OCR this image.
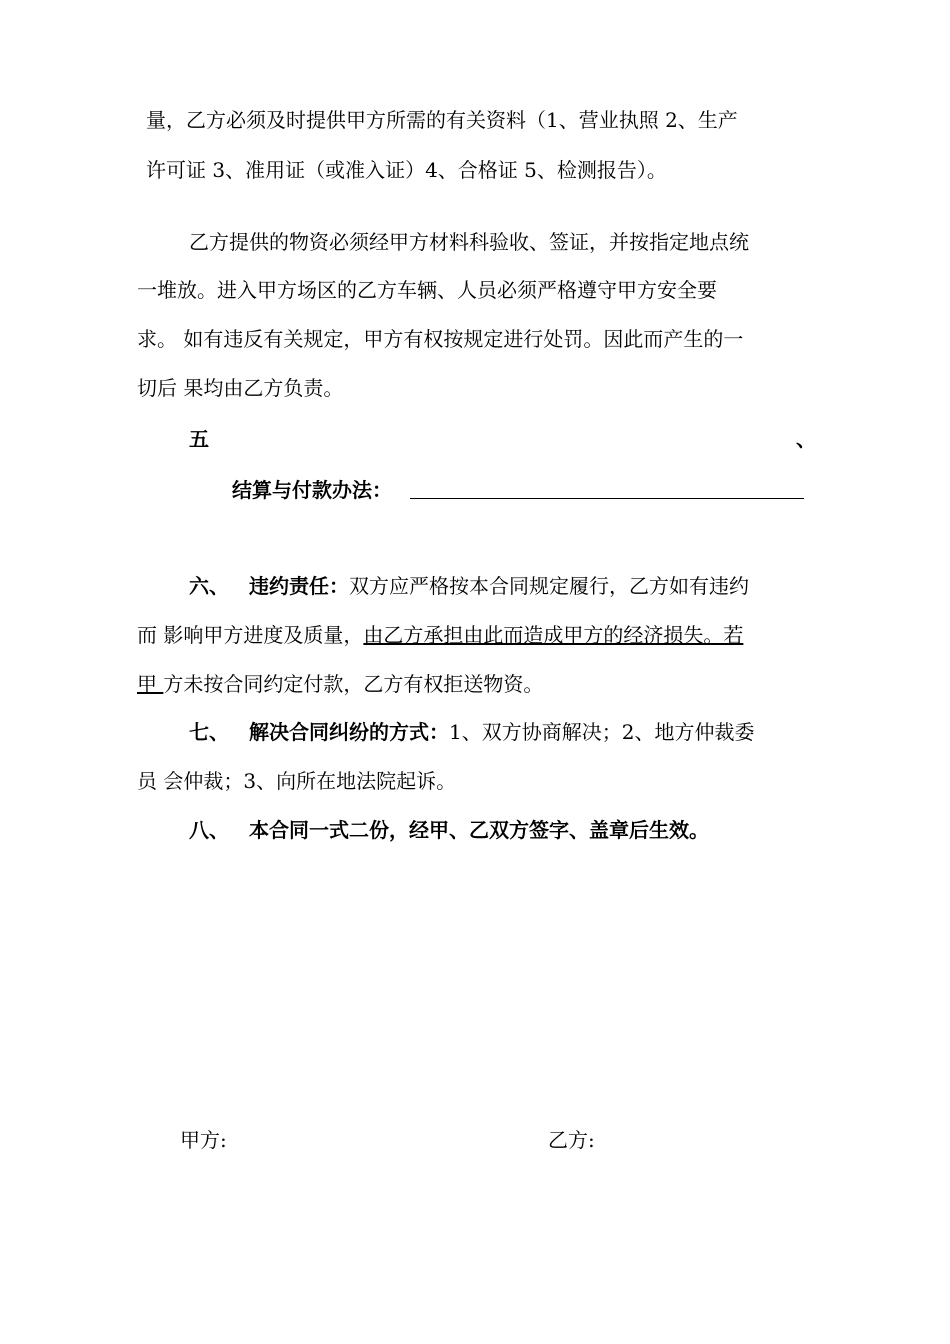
量，乙方必须及时提供甲方所需的有关资料（1、营业执照 2、生产
许可证 3、准用证（或准入证）4、合格证 5、检测报告）。
乙方提供的物资必须经甲方材料科验收、签证，并按指定地点统
一堆放。进入甲方场区的乙方车辆、人员必须严格遵守甲方安全要
求。 如有违反有关规定，甲方有权按规定进行处罚。因此而产生的一
切后 果均由乙方负责。
五	、
结算与付款办法：
六、 违约责任：双方应严格按本合同规定履行，乙方如有违约
而 影响甲方进度及质量，由乙方承担由此而造成甲方的经济损失。若
甲 方未按合同约定付款，乙方有权拒送物资。
七、 解决合同纠纷的方式：1、双方协商解决；2、地方仲裁委
员 会仲裁；3、向所在地法院起诉。
八、 本合同一式二份，经甲、乙双方签字、盖章后生效。
甲方:	乙方:
